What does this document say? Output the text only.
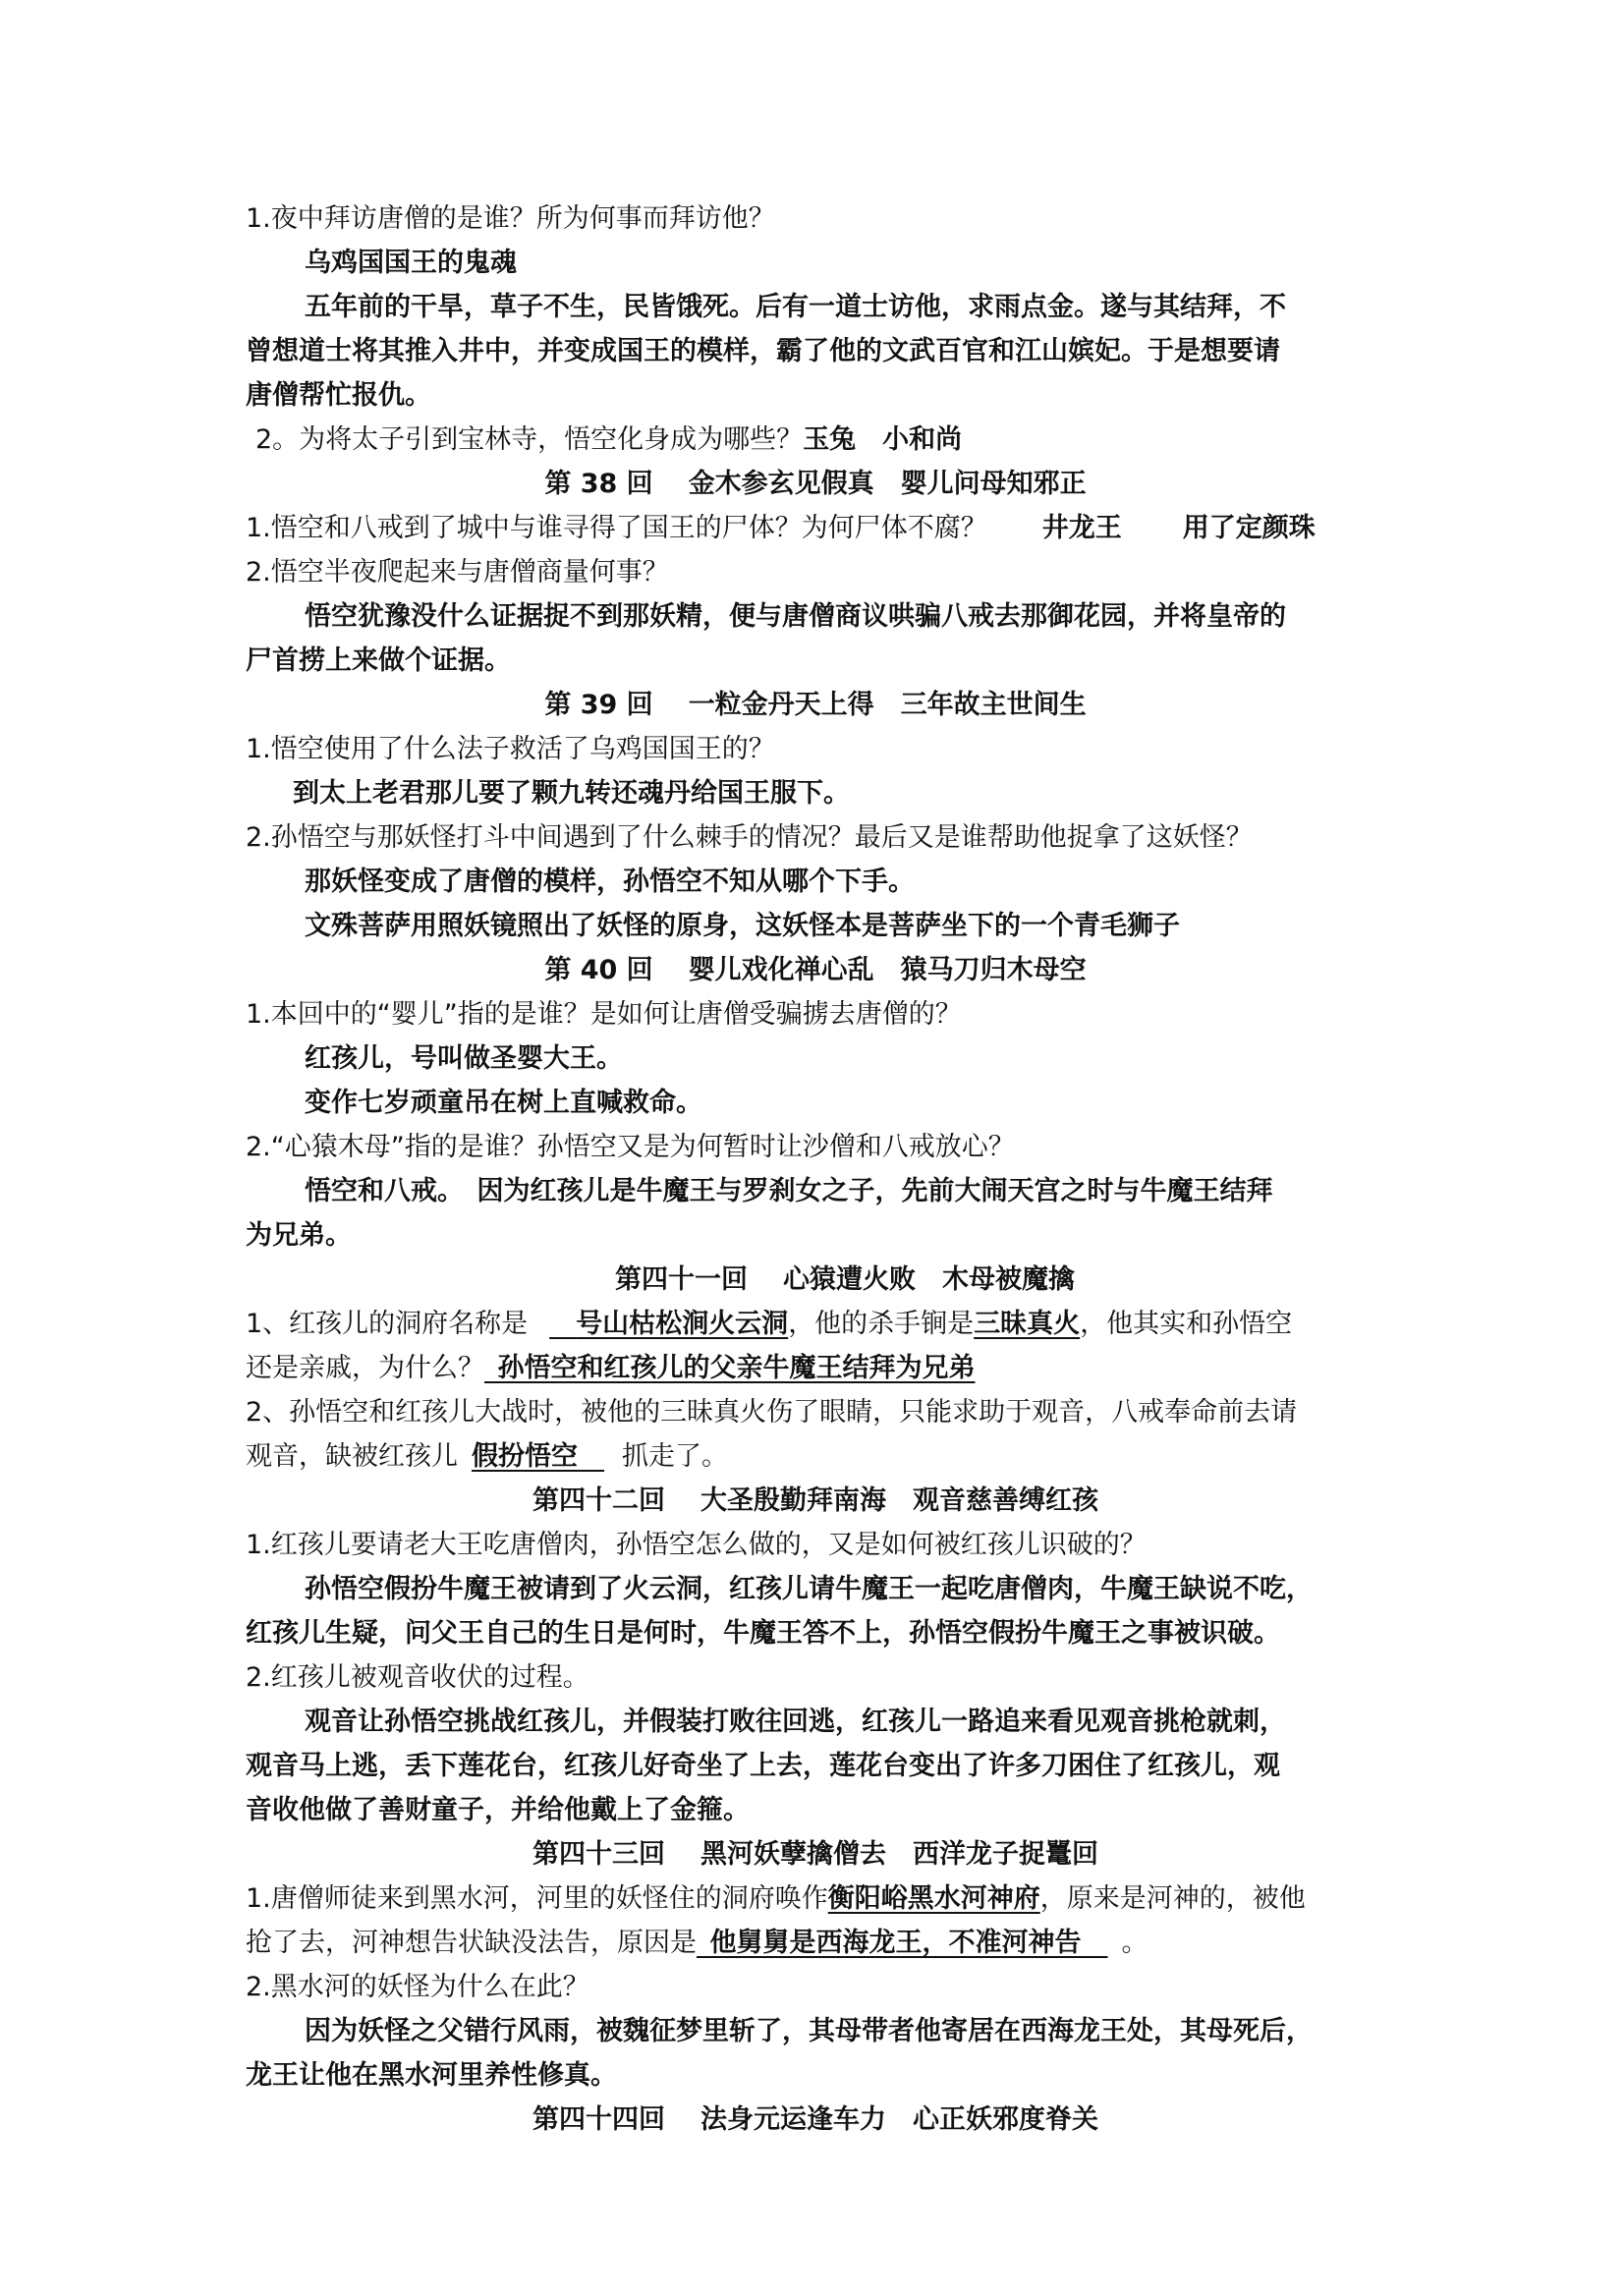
1.夜中拜访唐僧的是谁？所为何事而拜访他？
乌鸡国国王的鬼魂
五年前的干旱，草子不生，民皆饿死。后有一道士访他，求雨点金。遂与其结拜，不
曾想道士将其推入井中，并变成国王的模样，霸了他的文武百官和江山嫔妃。于是想要请
唐僧帮忙报仇。
2。为将太子引到宝林寺，悟空化身成为哪些？玉兔　小和尚
第 38 回 金木参玄见假真　婴儿问母知邪正
1.悟空和八戒到了城中与谁寻得了国王的尸体？为何尸体不腐？ 井龙王 用了定颜珠
2.悟空半夜爬起来与唐僧商量何事？
悟空犹豫没什么证据捉不到那妖精，便与唐僧商议哄骗八戒去那御花园，并将皇帝的
尸首捞上来做个证据。
第 39 回 一粒金丹天上得　三年故主世间生
1.悟空使用了什么法子救活了乌鸡国国王的？
到太上老君那儿要了颗九转还魂丹给国王服下。
2.孙悟空与那妖怪打斗中间遇到了什么棘手的情况？最后又是谁帮助他捉拿了这妖怪？
那妖怪变成了唐僧的模样，孙悟空不知从哪个下手。
文殊菩萨用照妖镜照出了妖怪的原身，这妖怪本是菩萨坐下的一个青毛狮子
第 40 回 婴儿戏化禅心乱　猿马刀归木母空
1.本回中的“婴儿”指的是谁？是如何让唐僧受骗掳去唐僧的？
红孩儿，号叫做圣婴大王。
变作七岁顽童吊在树上直喊救命。
2.“心猿木母”指的是谁？孙悟空又是为何暂时让沙僧和八戒放心？
悟空和八戒。　因为红孩儿是牛魔王与罗刹女之子，先前大闹天宫之时与牛魔王结拜
为兄弟。
第四十一回 心猿遭火败　木母被魔擒
1、红孩儿的洞府名称是  号山枯松涧火云洞，他的杀手锏是三昧真火，他其实和孙悟空
还是亲戚，为什么？  孙悟空和红孩儿的父亲牛魔王结拜为兄弟
2、孙悟空和红孩儿大战时，被他的三昧真火伤了眼睛，只能求助于观音，八戒奉命前去请
观音，缺被红孩儿 假扮悟空  抓走了。
第四十二回 大圣殷勤拜南海　观音慈善缚红孩
1.红孩儿要请老大王吃唐僧肉，孙悟空怎么做的，又是如何被红孩儿识破的？
孙悟空假扮牛魔王被请到了火云洞，红孩儿请牛魔王一起吃唐僧肉，牛魔王缺说不吃，
红孩儿生疑，问父王自己的生日是何时，牛魔王答不上，孙悟空假扮牛魔王之事被识破。
2.红孩儿被观音收伏的过程。
观音让孙悟空挑战红孩儿，并假装打败往回逃，红孩儿一路追来看见观音挑枪就刺，
观音马上逃，丢下莲花台，红孩儿好奇坐了上去，莲花台变出了许多刀困住了红孩儿，观
音收他做了善财童子，并给他戴上了金箍。
第四十三回 黑河妖孽擒僧去　西洋龙子捉鼍回
1.唐僧师徒来到黑水河，河里的妖怪住的洞府唤作衡阳峪黑水河神府，原来是河神的，被他
抢了去，河神想告状缺没法告，原因是  他舅舅是西海龙王，不准河神告  。
2.黑水河的妖怪为什么在此？
因为妖怪之父错行风雨，被魏征梦里斩了，其母带者他寄居在西海龙王处，其母死后，
龙王让他在黑水河里养性修真。
第四十四回 法身元运逢车力　心正妖邪度脊关
